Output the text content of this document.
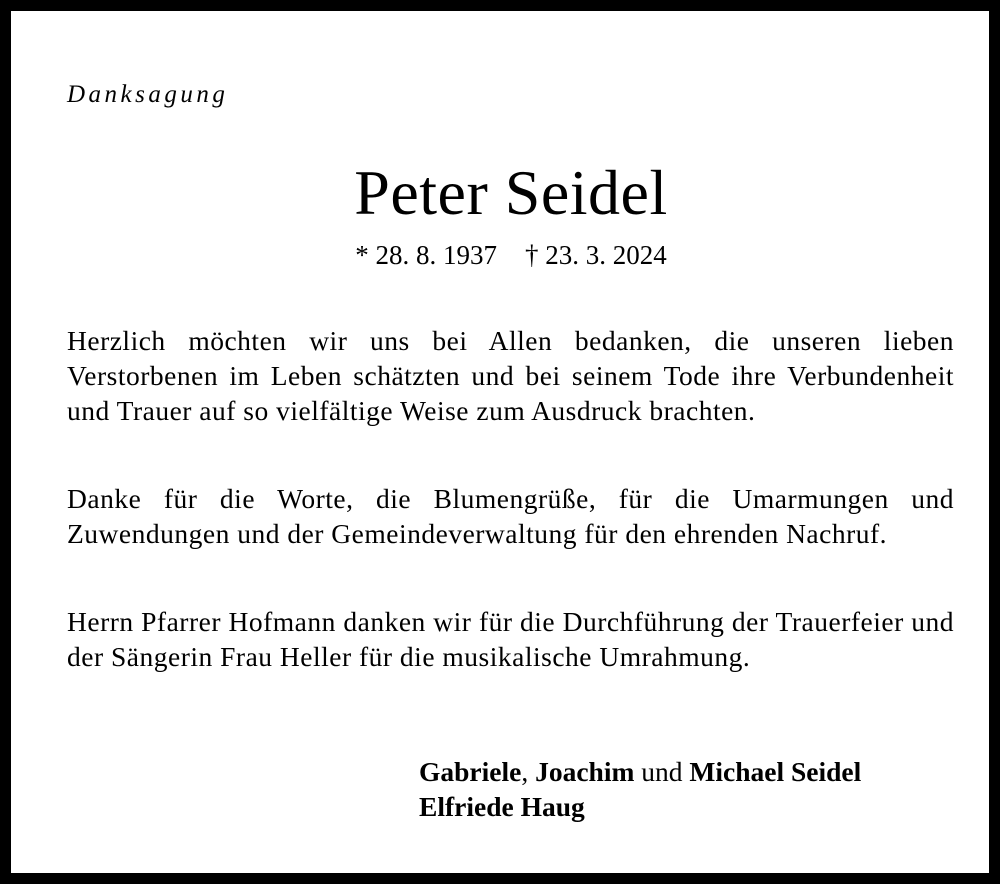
Danksagung
Peter Seidel
* 28. 8. 1937 † 23. 3. 2024

Herzlich möchten wir uns bei Allen bedanken, die unseren lieben Verstorbenen im Leben schätzten und bei seinem Tode ihre Verbundenheit und Trauer auf so vielfältige Weise zum Ausdruck brachten.

Danke für die Worte, die Blumengrüße, für die Umarmungen und Zuwendungen und der Gemeindeverwaltung für den ehrenden Nachruf.

Herrn Pfarrer Hofmann danken wir für die Durchführung der Trauerfeier und der Sängerin Frau Heller für die musikalische Umrahmung.

Gabriele, Joachim und Michael Seidel
Elfriede Haug
